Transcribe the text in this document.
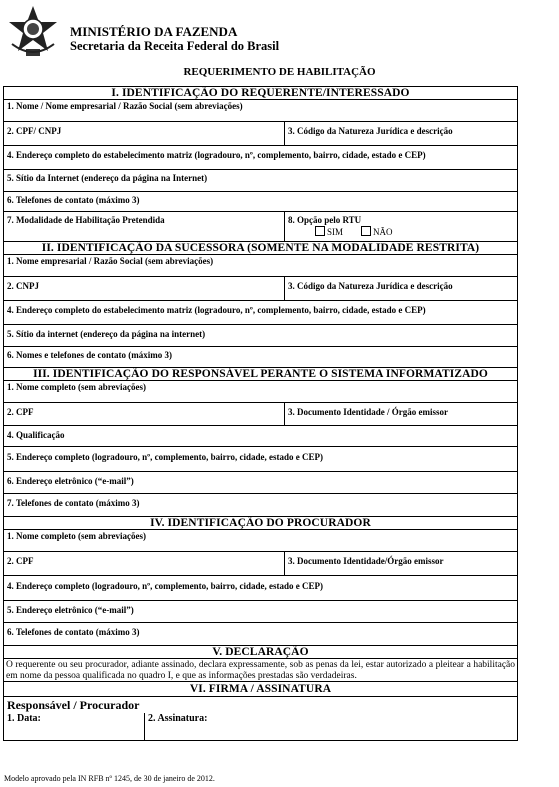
MINISTÉRIO DA FAZENDA
Secretaria da Receita Federal do Brasil
REQUERIMENTO DE HABILITAÇÃO
I. IDENTIFICAÇÃO DO REQUERENTE/INTERESSADO
1. Nome / Nome empresarial / Razão Social (sem abreviações)
2. CPF/ CNPJ	3. Código da Natureza Jurídica e descrição
4. Endereço completo do estabelecimento matriz (logradouro, nº, complemento, bairro, cidade, estado e CEP)
5. Sítio da Internet (endereço da página na Internet)
6. Telefones de contato (máximo 3)
7. Modalidade de Habilitação Pretendida	8. Opção pelo RTU
SIM	NÃO
II. IDENTIFICAÇÃO DA SUCESSORA (SOMENTE NA MODALIDADE RESTRITA)
1. Nome empresarial / Razão Social (sem abreviações)
2. CNPJ	3. Código da Natureza Jurídica e descrição
4. Endereço completo do estabelecimento matriz (logradouro, nº, complemento, bairro, cidade, estado e CEP)
5. Sítio da internet (endereço da página na internet)
6. Nomes e telefones de contato (máximo 3)
III. IDENTIFICAÇÃO DO RESPONSÁVEL PERANTE O SISTEMA INFORMATIZADO
1. Nome completo (sem abreviações)
2. CPF	3. Documento Identidade / Órgão emissor
4. Qualificação
5. Endereço completo (logradouro, nº, complemento, bairro, cidade, estado e CEP)
6. Endereço eletrônico (“e-mail”)
7. Telefones de contato (máximo 3)
IV. IDENTIFICAÇÃO DO PROCURADOR
1. Nome completo (sem abreviações)
2. CPF	3. Documento Identidade/Órgão emissor
4. Endereço completo (logradouro, nº, complemento, bairro, cidade, estado e CEP)
5. Endereço eletrônico (“e-mail”)
6. Telefones de contato (máximo 3)
V. DECLARAÇÃO
O requerente ou seu procurador, adiante assinado, declara expressamente, sob as penas da lei, estar autorizado a pleitear a habilitação em nome da pessoa qualificada no quadro I, e que as informações prestadas são verdadeiras.
VI. FIRMA / ASSINATURA
Responsável / Procurador
1. Data:	2. Assinatura:
Modelo aprovado pela IN RFB nº 1245, de 30 de janeiro de 2012.
